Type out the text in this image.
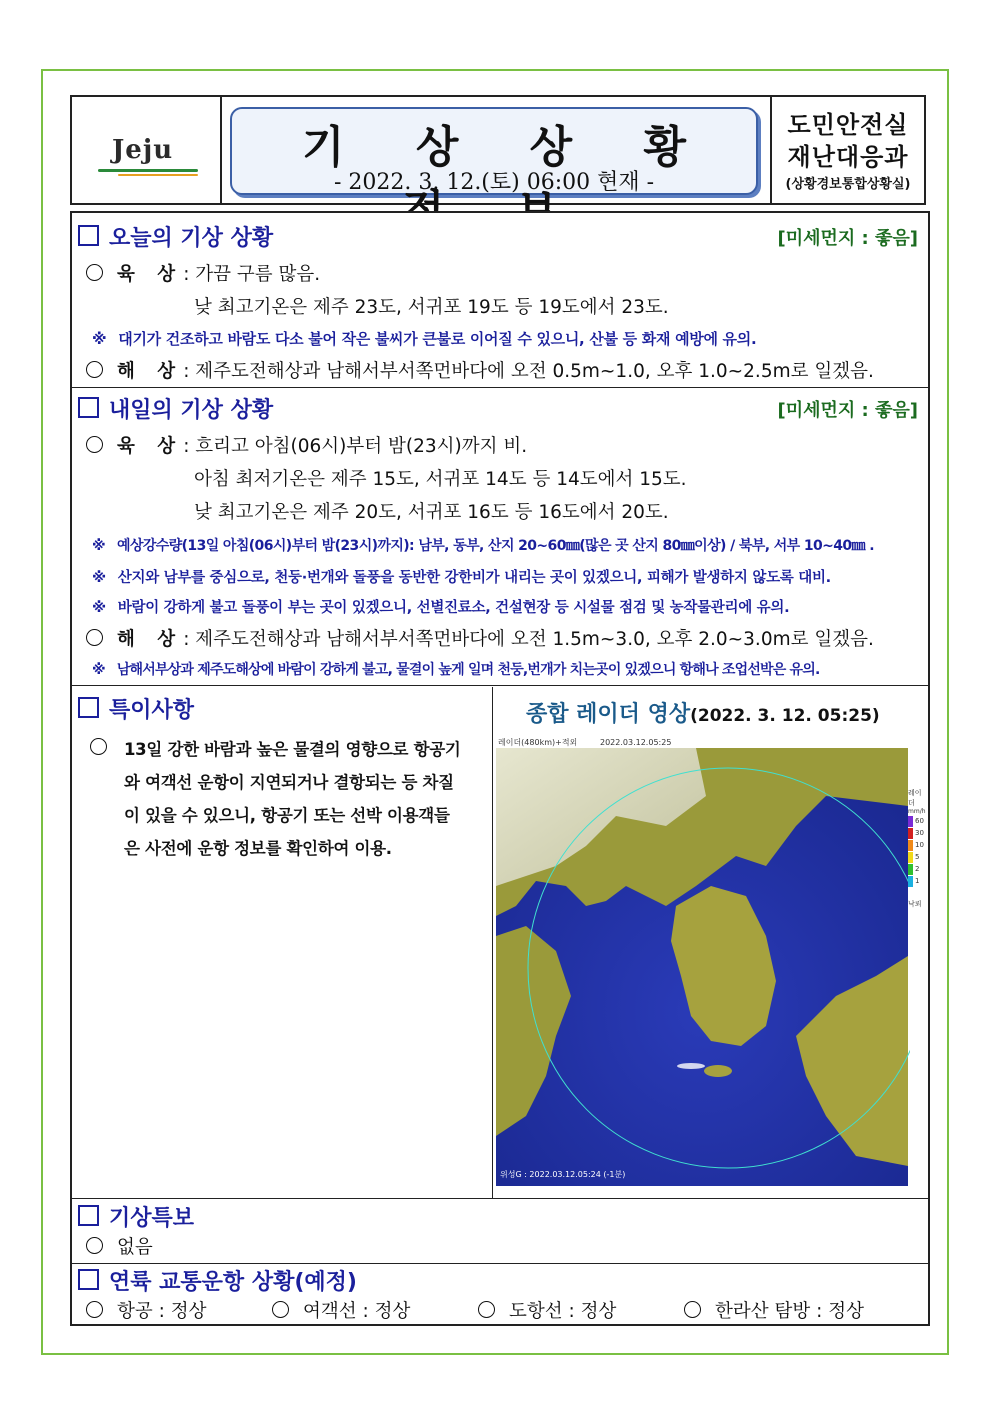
Jeju	기 상 상 황
- 2022. 3. 12.(토) 06:00 현재 -
도민안전실
재난대응과
(상황경보통합상황실)
오늘의 기상 상황	[미세먼지 : 좋음]
육 상: 가끔 구름 많음.
낮 최고기온은 제주 23도, 서귀포 19도 등 19도에서 23도.
※ 대기가 건조하고 바람도 다소 불어 작은 불씨가 큰불로 이어질 수 있으니, 산불 등 화재 예방에 유의.
해 상: 제주도전해상과 남해서부서쪽먼바다에 오전 0.5m~1.0, 오후 1.0~2.5m로 일겠음.
내일의 기상 상황	[미세먼지 : 좋음]
육 상: 흐리고 아침(06시)부터 밤(23시)까지 비.
아침 최저기온은 제주 15도, 서귀포 14도 등 14도에서 15도.
낮 최고기온은 제주 20도, 서귀포 16도 등 16도에서 20도.
※ 예상강수량(13일 아침(06시)부터 밤(23시)까지): 남부, 동부, 산지 20~60㎜(많은 곳 산지 80㎜이상) / 북부, 서부 10~40㎜ .
※ 산지와 남부를 중심으로, 천둥·번개와 돌풍을 동반한 강한비가 내리는 곳이 있겠으니, 피해가 발생하지 않도록 대비.
※ 바람이 강하게 불고 돌풍이 부는 곳이 있겠으니, 선별진료소, 건설현장 등 시설물 점검 및 농작물관리에 유의.
해 상: 제주도전해상과 남해서부서쪽먼바다에 오전 1.5m~3.0, 오후 2.0~3.0m로 일겠음.
※ 남해서부상과 제주도해상에 바람이 강하게 불고, 물결이 높게 일며 천둥,번개가 치는곳이 있겠으니 항해나 조업선박은 유의.
특이사항
13일 강한 바람과 높은 물결의 영향으로 항공기
와 여객선 운항이 지연되거나 결항되는 등 차질
이 있을 수 있으니, 항공기 또는 선박 이용객들
은 사전에 운항 정보를 확인하여 이용.
종합 레이더 영상(2022. 3. 12. 05:25)
레이더(480km)+적외	2022.03.12.05:25
위성G : 2022.03.12.05:24 (-1분)
레이더
mm/h
60
30
10
5
2
1
낙뢰
기상특보
없음
연륙 교통운항 상황(예정)
항공 : 정상	여객선 : 정상	도항선 : 정상	한라산 탐방 : 정상
